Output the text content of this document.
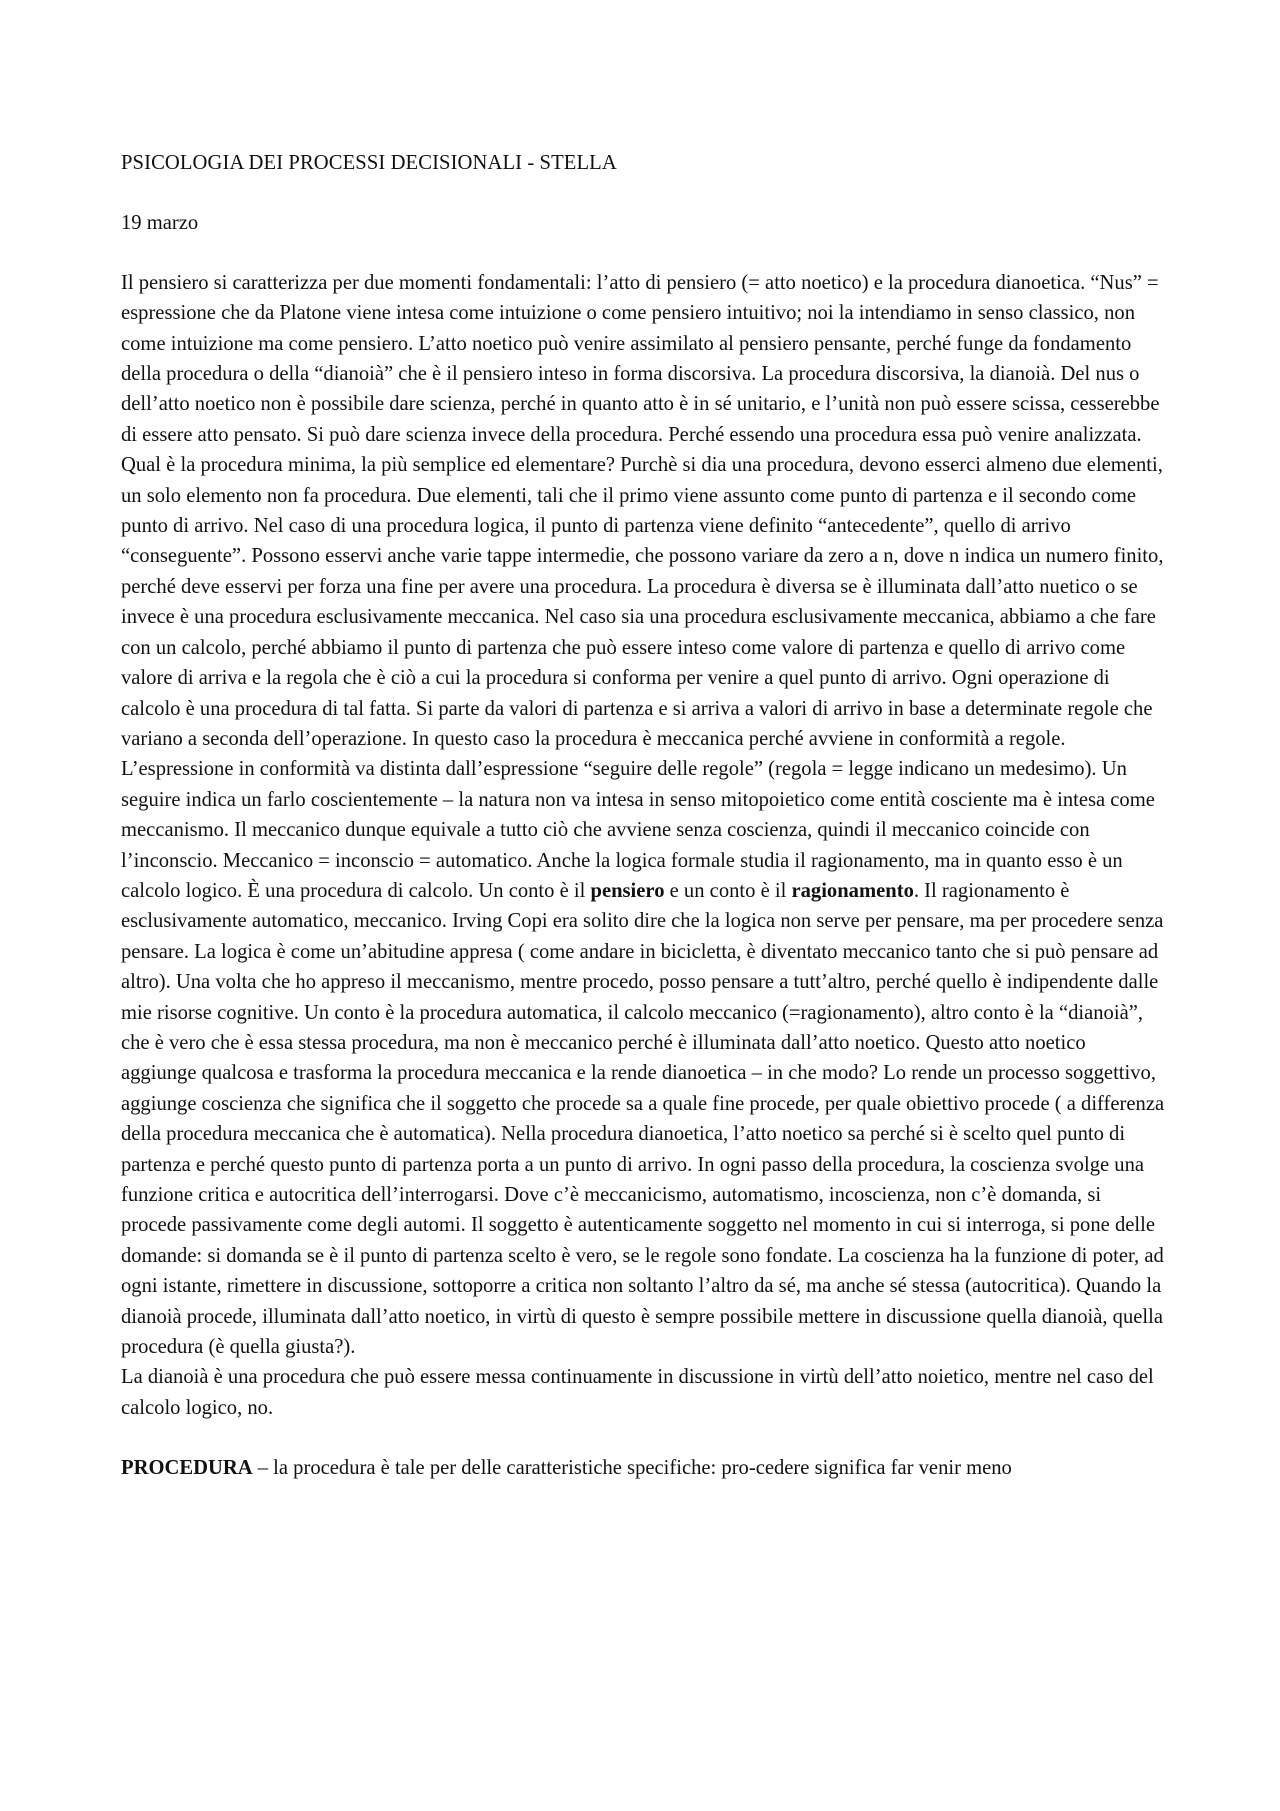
PSICOLOGIA DEI PROCESSI DECISIONALI - STELLA

19 marzo

Il pensiero si caratterizza per due momenti fondamentali: l’atto di pensiero (= atto noetico) e la procedura dianoetica. “Nus” = espressione che da Platone viene intesa come intuizione o come pensiero intuitivo; noi la intendiamo in senso classico, non come intuizione ma come pensiero. L’atto noetico può venire assimilato al pensiero pensante, perché funge da fondamento della procedura o della “dianoià” che è il pensiero inteso in forma discorsiva. La procedura discorsiva, la dianoià. Del nus o dell’atto noetico non è possibile dare scienza, perché in quanto atto è in sé unitario, e l’unità non può essere scissa, cesserebbe di essere atto pensato. Si può dare scienza invece della procedura. Perché essendo una procedura essa può venire analizzata. Qual è la procedura minima, la più semplice ed elementare? Purchè si dia una procedura, devono esserci almeno due elementi, un solo elemento non fa procedura. Due elementi, tali che il primo viene assunto come punto di partenza e il secondo come punto di arrivo. Nel caso di una procedura logica, il punto di partenza viene definito “antecedente”, quello di arrivo “conseguente”. Possono esservi anche varie tappe intermedie, che possono variare da zero a n, dove n indica un numero finito, perché deve esservi per forza una fine per avere una procedura. La procedura è diversa se è illuminata dall’atto nuetico o se invece è una procedura esclusivamente meccanica. Nel caso sia una procedura esclusivamente meccanica, abbiamo a che fare con un calcolo, perché abbiamo il punto di partenza che può essere inteso come valore di partenza e quello di arrivo come valore di arriva e la regola che è ciò a cui la procedura si conforma per venire a quel punto di arrivo. Ogni operazione di calcolo è una procedura di tal fatta. Si parte da valori di partenza e si arriva a valori di arrivo in base a determinate regole che variano a seconda dell’operazione. In questo caso la procedura è meccanica perché avviene in conformità a regole. L’espressione in conformità va distinta dall’espressione “seguire delle regole” (regola = legge indicano un medesimo). Un seguire indica un farlo coscientemente – la natura non va intesa in senso mitopoietico come entità cosciente ma è intesa come meccanismo. Il meccanico dunque equivale a tutto ciò che avviene senza coscienza, quindi il meccanico coincide con l’inconscio. Meccanico = inconscio = automatico. Anche la logica formale studia il ragionamento, ma in quanto esso è un calcolo logico. È una procedura di calcolo. Un conto è il pensiero e un conto è il ragionamento. Il ragionamento è esclusivamente automatico, meccanico. Irving Copi era solito dire che la logica non serve per pensare, ma per procedere senza pensare. La logica è come un’abitudine appresa ( come andare in bicicletta, è diventato meccanico tanto che si può pensare ad altro). Una volta che ho appreso il meccanismo, mentre procedo, posso pensare a tutt’altro, perché quello è indipendente dalle mie risorse cognitive. Un conto è la procedura automatica, il calcolo meccanico (=ragionamento), altro conto è la “dianoià”, che è vero che è essa stessa procedura, ma non è meccanico perché è illuminata dall’atto noetico. Questo atto noetico aggiunge qualcosa e trasforma la procedura meccanica e la rende dianoetica – in che modo? Lo rende un processo soggettivo, aggiunge coscienza che significa che il soggetto che procede sa a quale fine procede, per quale obiettivo procede ( a differenza della procedura meccanica che è automatica). Nella procedura dianoetica, l’atto noetico sa perché si è scelto quel punto di partenza e perché questo punto di partenza porta a un punto di arrivo. In ogni passo della procedura, la coscienza svolge una funzione critica e autocritica dell’interrogarsi. Dove c’è meccanicismo, automatismo, incoscienza, non c’è domanda, si procede passivamente come degli automi. Il soggetto è autenticamente soggetto nel momento in cui si interroga, si pone delle domande: si domanda se è il punto di partenza scelto è vero, se le regole sono fondate. La coscienza ha la funzione di poter, ad ogni istante, rimettere in discussione, sottoporre a critica non soltanto l’altro da sé, ma anche sé stessa (autocritica). Quando la dianoià procede, illuminata dall’atto noetico, in virtù di questo è sempre possibile mettere in discussione quella dianoià, quella procedura (è quella giusta?).

La dianoià è una procedura che può essere messa continuamente in discussione in virtù dell’atto noietico, mentre nel caso del calcolo logico, no.

PROCEDURA – la procedura è tale per delle caratteristiche specifiche: pro-cedere significa far venir meno
